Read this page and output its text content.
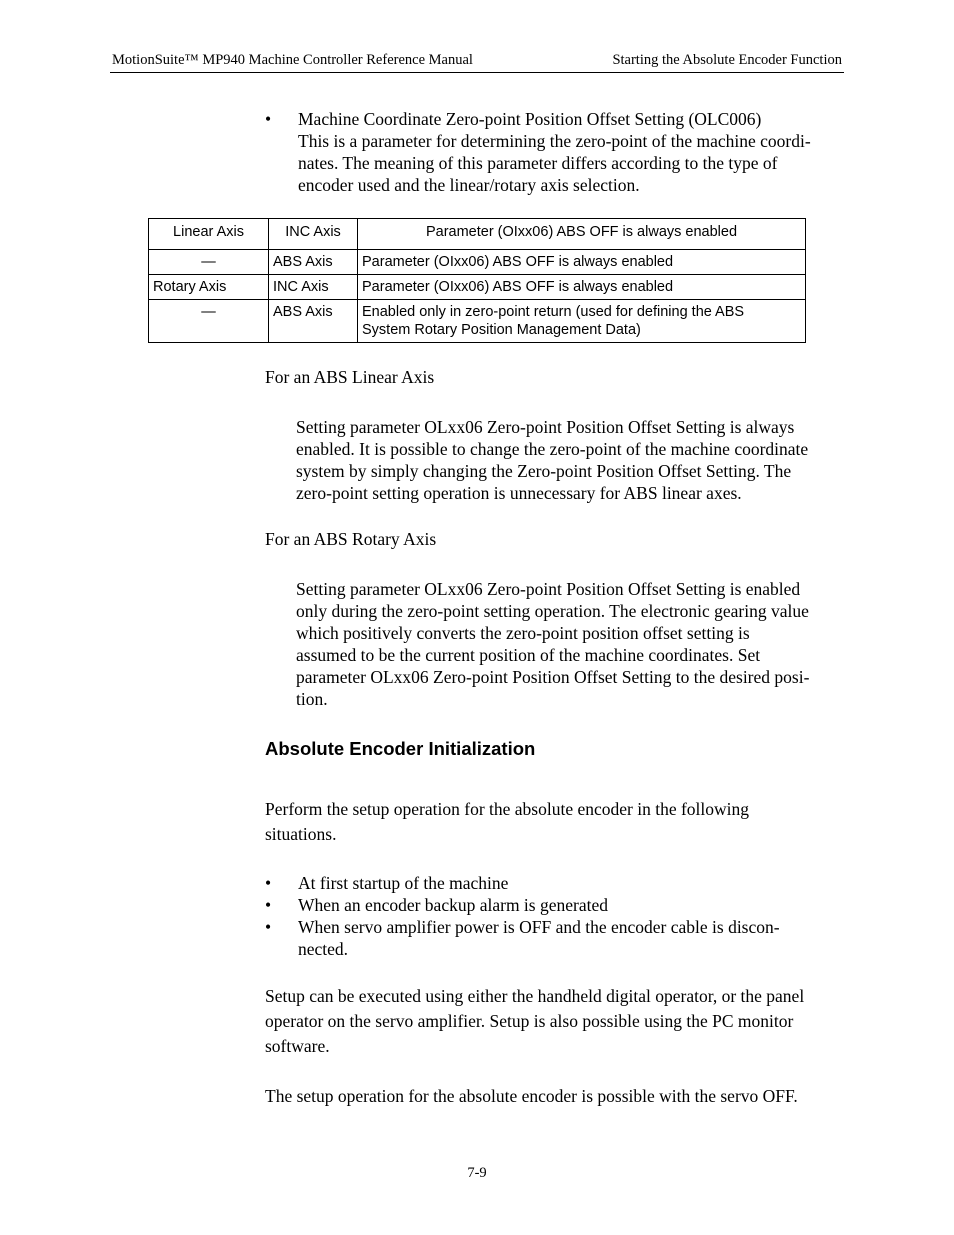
MotionSuite™ MP940 Machine Controller Reference Manual	Starting the Absolute Encoder Function
• Machine Coordinate Zero-point Position Offset Setting (OLC006)
This is a parameter for determining the zero-point of the machine coordi-
nates. The meaning of this parameter differs according to the type of
encoder used and the linear/rotary axis selection.
Linear Axis	INC Axis	Parameter (OIxx06) ABS OFF is always enabled
—	ABS Axis	Parameter (OIxx06) ABS OFF is always enabled
Rotary Axis	INC Axis	Parameter (OIxx06) ABS OFF is always enabled
—	ABS Axis	Enabled only in zero-point return (used for defining the ABS
System Rotary Position Management Data)
For an ABS Linear Axis
Setting parameter OLxx06 Zero-point Position Offset Setting is always
enabled. It is possible to change the zero-point of the machine coordinate
system by simply changing the Zero-point Position Offset Setting. The
zero-point setting operation is unnecessary for ABS linear axes.
For an ABS Rotary Axis
Setting parameter OLxx06 Zero-point Position Offset Setting is enabled
only during the zero-point setting operation. The electronic gearing value
which positively converts the zero-point position offset setting is
assumed to be the current position of the machine coordinates. Set
parameter OLxx06 Zero-point Position Offset Setting to the desired posi-
tion.
Absolute Encoder Initialization
Perform the setup operation for the absolute encoder in the following
situations.
• At first startup of the machine
• When an encoder backup alarm is generated
• When servo amplifier power is OFF and the encoder cable is discon-
nected.
Setup can be executed using either the handheld digital operator, or the panel
operator on the servo amplifier. Setup is also possible using the PC monitor
software.
The setup operation for the absolute encoder is possible with the servo OFF.
7-9
